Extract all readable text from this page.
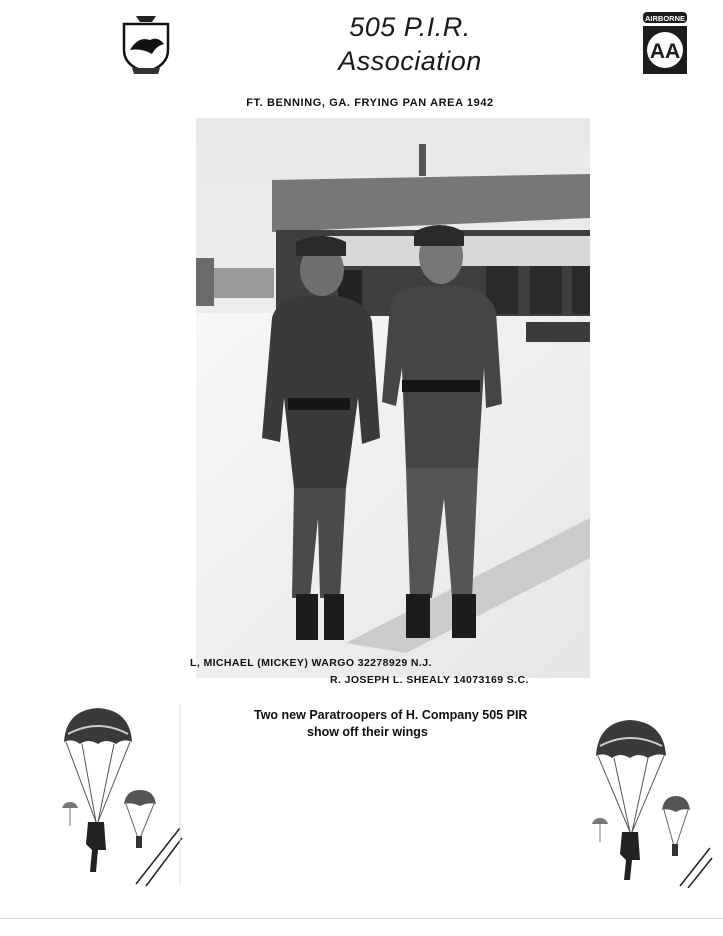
505 P.I.R.
Association
AIRBORNE
AA
FT. BENNING, GA. FRYING PAN AREA 1942
L, MICHAEL (MICKEY) WARGO 32278929 N.J.
R. JOSEPH L. SHEALY 14073169 S.C.
Two new Paratroopers of H. Company 505 PIR
show off their wings
